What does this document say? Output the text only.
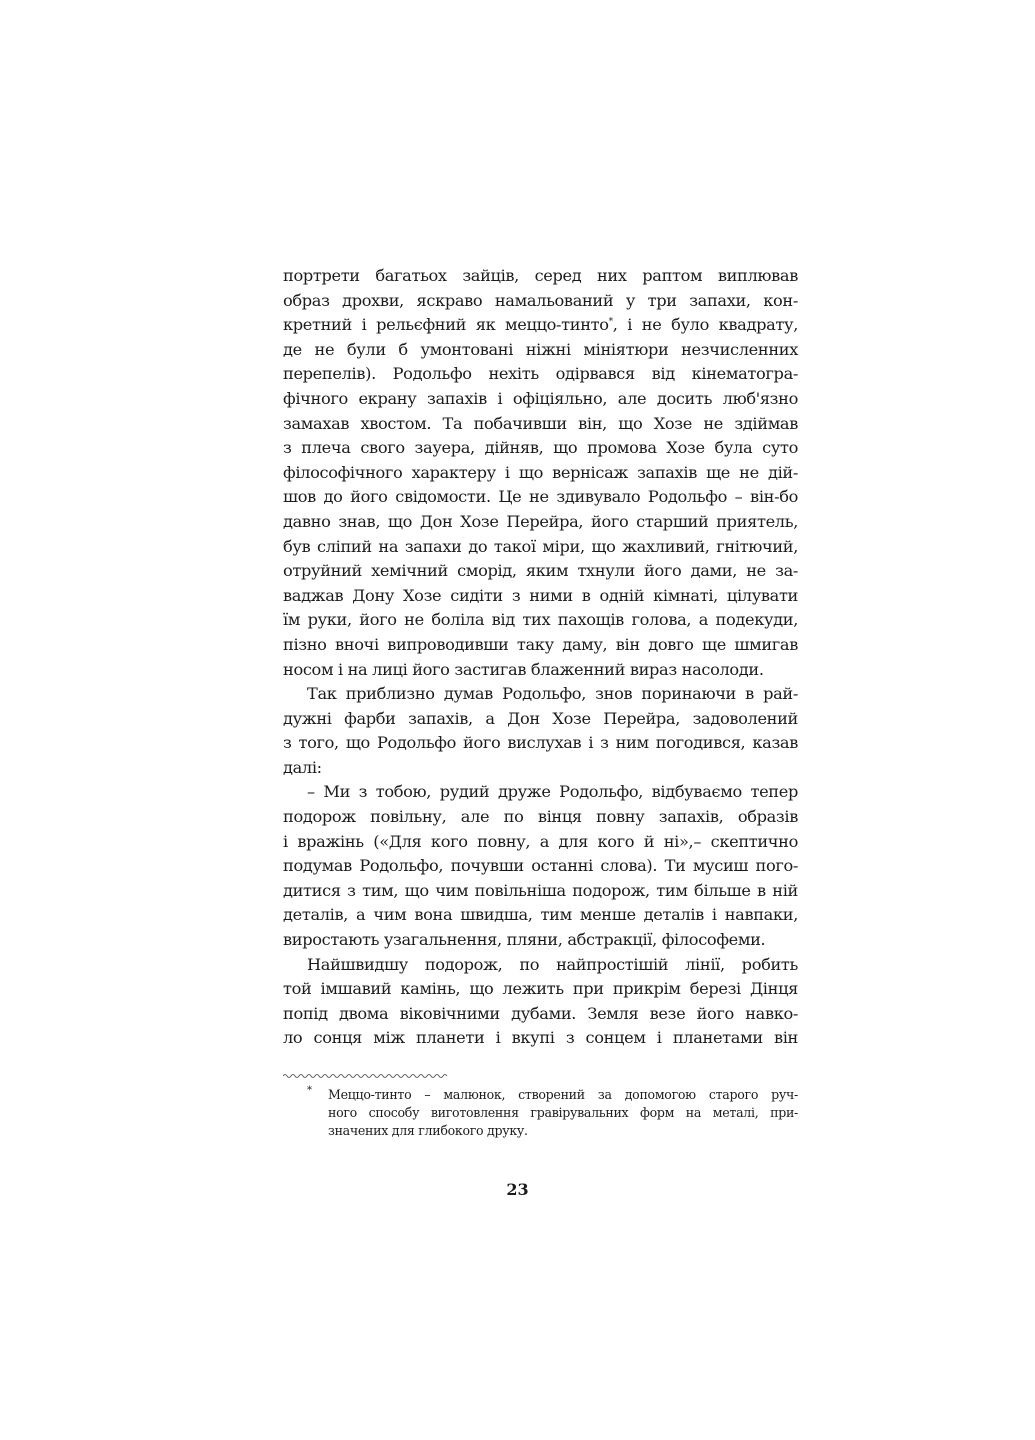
портрети багатьох зайців, серед них раптом виплював
образ дрохви, яскраво намальований у три запахи, кон-
кретний і рельєфний як меццо-тинто*, і не було квадрату,
де не були б умонтовані ніжні мініятюри незчисленних
перепелів). Родольфо нехіть одірвався від кінематогра-
фічного екрану запахів і офіціяльно, але досить люб'язно
замахав хвостом. Та побачивши він, що Хозе не здіймав
з плеча свого зауера, дійняв, що промова Хозе була суто
філософічного характеру і що вернісаж запахів ще не дій-
шов до його свідомости. Це не здивувало Родольфо – він-бо
давно знав, що Дон Хозе Перейра, його старший приятель,
був сліпий на запахи до такої міри, що жахливий, гнітючий,
отруйний хемічний сморід, яким тхнули його дами, не за-
ваджав Дону Хозе сидіти з ними в одній кімнаті, цілувати
їм руки, його не боліла від тих пахощів голова, а подекуди,
пізно вночі випроводивши таку даму, він довго ще шмигав
носом і на лиці його застигав блаженний вираз насолоди.
Так приблизно думав Родольфо, знов поринаючи в рай-
дужні фарби запахів, а Дон Хозе Перейра, задоволений
з того, що Родольфо його вислухав і з ним погодився, казав
далі:
– Ми з тобою, рудий друже Родольфо, відбуваємо тепер
подорож повільну, але по вінця повну запахів, образів
і вражінь («Для кого повну, а для кого й ні»,– скептично
подумав Родольфо, почувши останні слова). Ти мусиш пого-
дитися з тим, що чим повільніша подорож, тим більше в ній
деталів, а чим вона швидша, тим менше деталів і навпаки,
виростають узагальнення, пляни, абстракції, філософеми.
Найшвидшу подорож, по найпростішій лінії, робить
той імшавий камінь, що лежить при прикрім березі Дінця
попід двома віковічними дубами. Земля везе його навко-
ло сонця між планети і вкупі з сонцем і планетами він
* Меццо-тинто – малюнок, створений за допомогою старого руч-
ного способу виготовлення гравірувальних форм на металі, при-
значених для глибокого друку.
23
